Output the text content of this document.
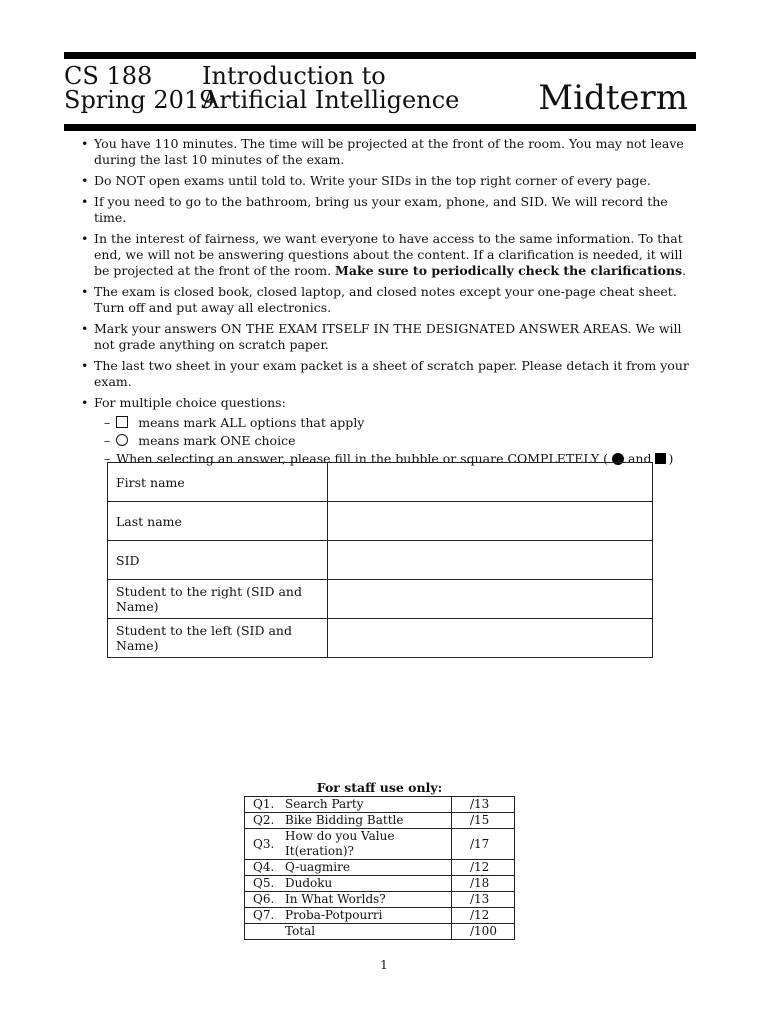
CS 188
Spring 2019
Introduction to
Artificial Intelligence Midterm
• You have 110 minutes. The time will be projected at the front of the room. You may not leave during the last 10 minutes of the exam.
• Do NOT open exams until told to. Write your SIDs in the top right corner of every page.
• If you need to go to the bathroom, bring us your exam, phone, and SID. We will record the time.
• In the interest of fairness, we want everyone to have access to the same information. To that end, we will not be answering questions about the content. If a clarification is needed, it will be projected at the front of the room. Make sure to periodically check the clarifications.
• The exam is closed book, closed laptop, and closed notes except your one-page cheat sheet. Turn off and put away all electronics.
• Mark your answers ON THE EXAM ITSELF IN THE DESIGNATED ANSWER AREAS. We will not grade anything on scratch paper.
• The last two sheet in your exam packet is a sheet of scratch paper. Please detach it from your exam.
• For multiple choice questions:
– means mark ALL options that apply
– means mark ONE choice
– When selecting an answer, please fill in the bubble or square COMPLETELY ( and )
First name	
Last name	
SID	
Student to the right (SID and Name)	
Student to the left (SID and Name)	
For staff use only:
Q1.	Search Party	/13
Q2.	Bike Bidding Battle	/15
Q3.	How do you Value It(eration)?	/17
Q4.	Q-uagmire	/12
Q5.	Dudoku	/18
Q6.	In What Worlds?	/13
Q7.	Proba-Potpourri	/12
	Total	/100
1
